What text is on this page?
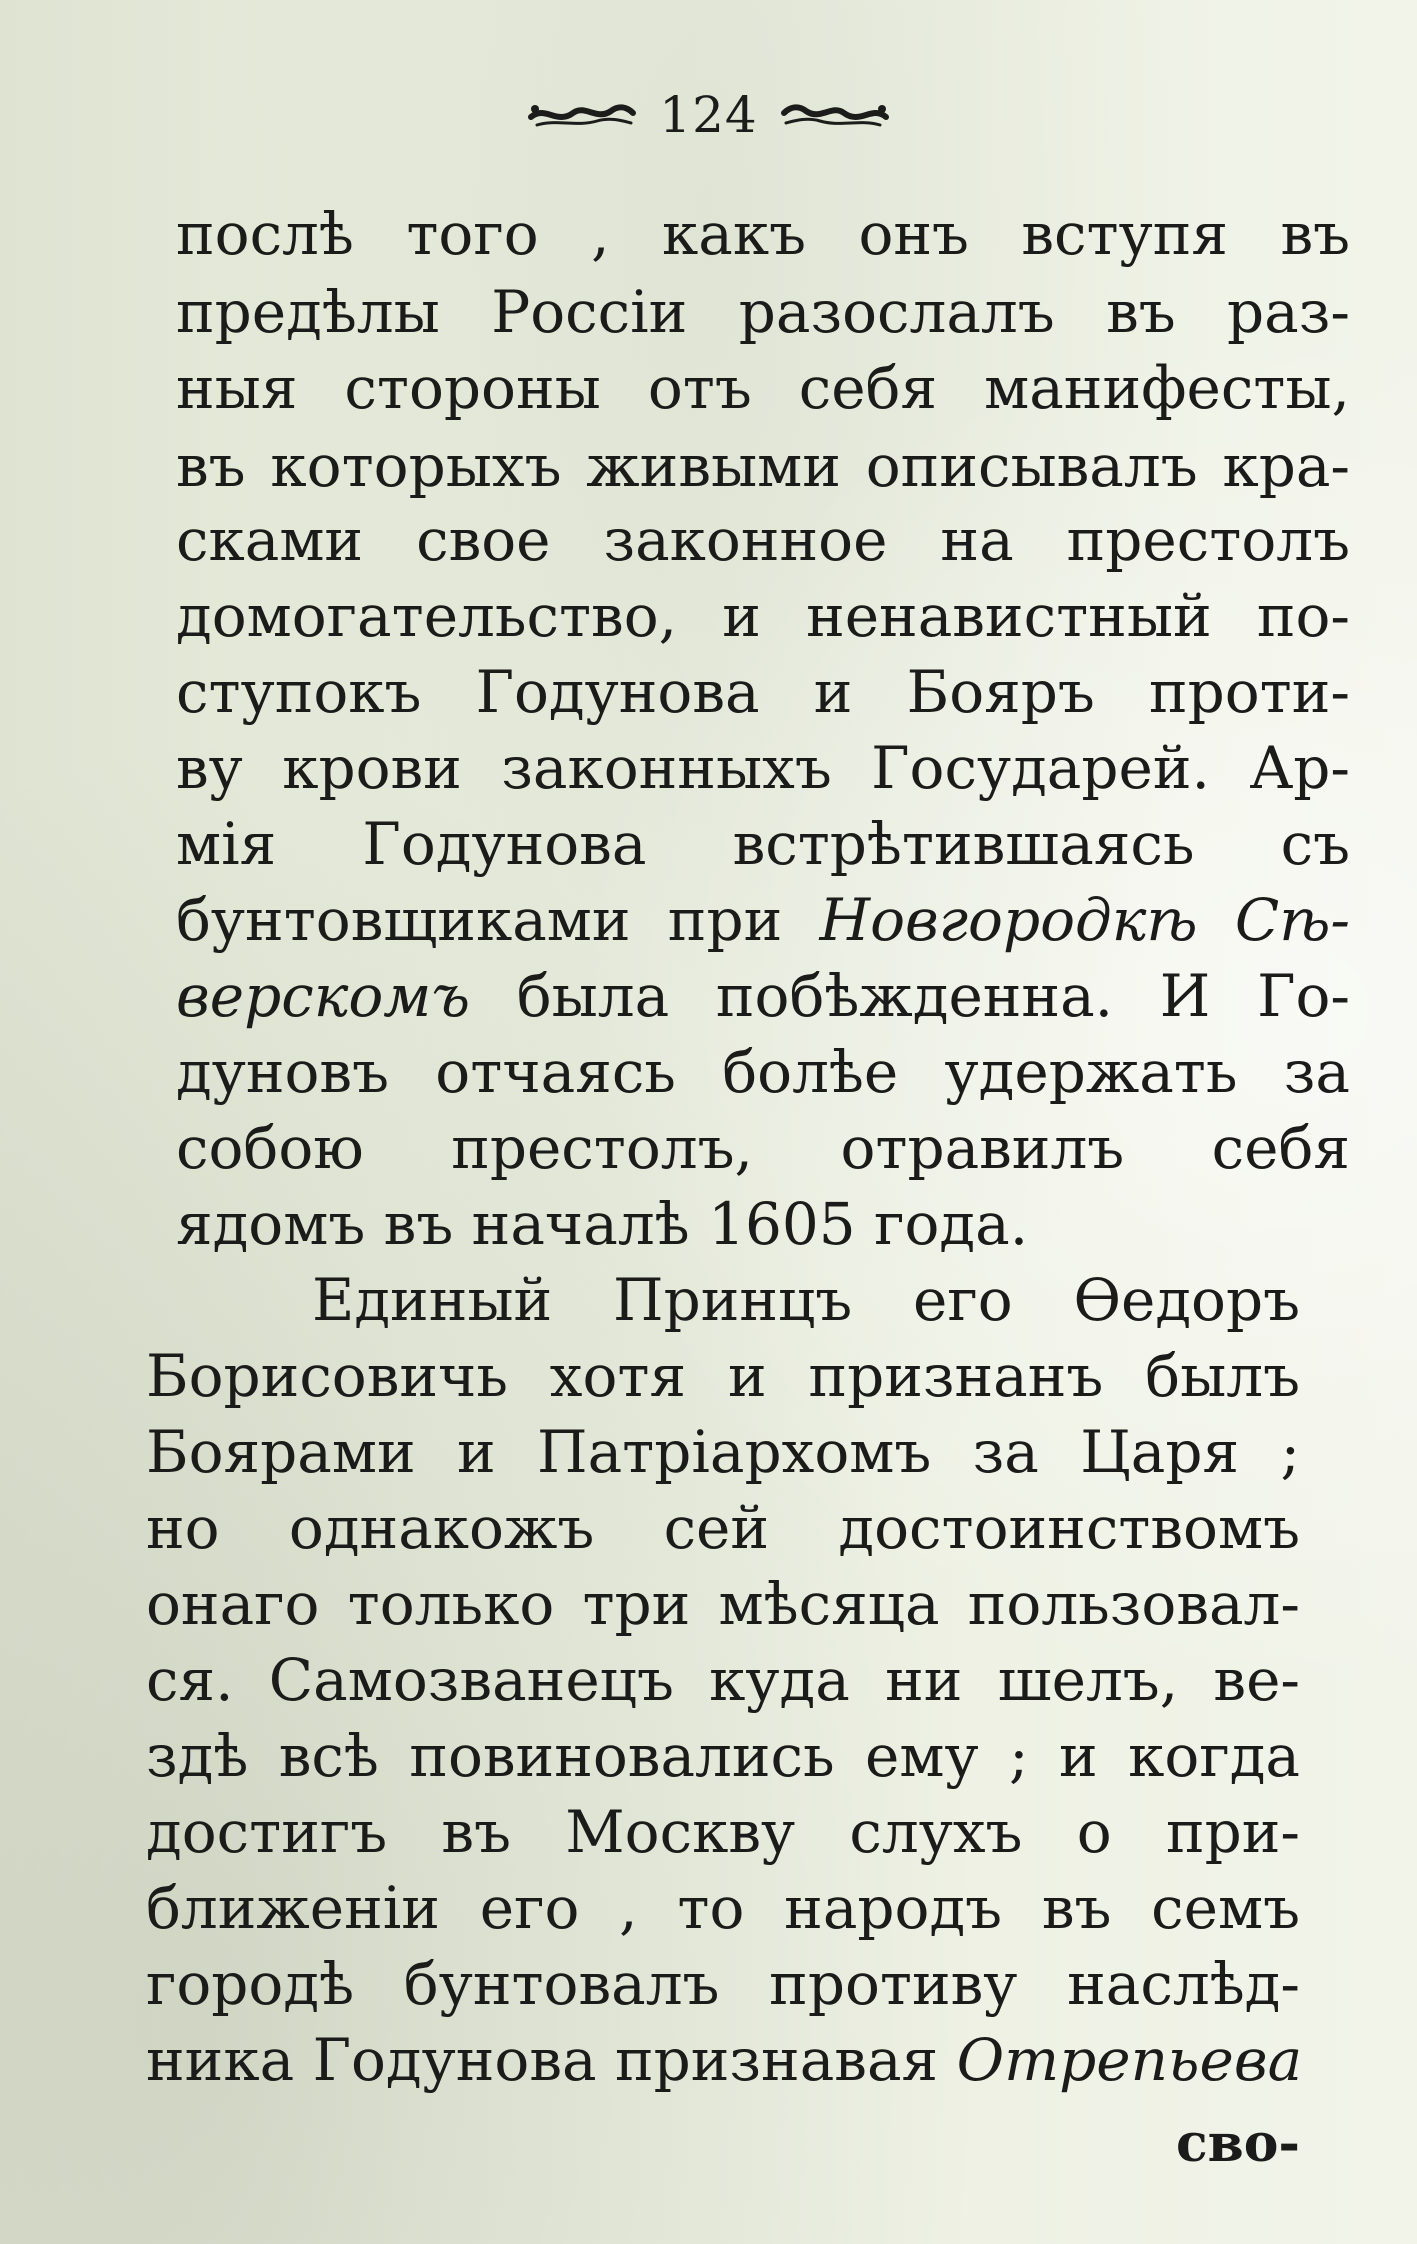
124
послѣ того , какъ онъ вступя въ
предѣлы Россіи разослалъ въ раз-
ныя стороны отъ себя манифесты,
въ которыхъ живыми описывалъ кра-
сками свое законное на престолъ
домогательство, и ненавистный по-
ступокъ Годунова и Бояръ проти-
ву крови законныхъ Государей. Ар-
мія Годунова встрѣтившаясь съ
бунтовщиками при Новгородкѣ Сѣ-
верскомъ была побѣжденна. И Го-
дуновъ отчаясь болѣе удержать за
собою престолъ, отравилъ себя
ядомъ въ началѣ 1605 года.
Единый Принцъ его Ѳедоръ
Борисовичь хотя и признанъ былъ
Боярами и Патріархомъ за Царя ;
но однакожъ сей достоинствомъ
онаго только три мѣсяца пользовал-
ся. Самозванецъ куда ни шелъ, ве-
здѣ всѣ повиновались ему ; и когда
достигъ въ Москву слухъ о при-
ближеніи его , то народъ въ семъ
городѣ бунтовалъ противу наслѣд-
ника Годунова признавая Отрепьева
сво-
